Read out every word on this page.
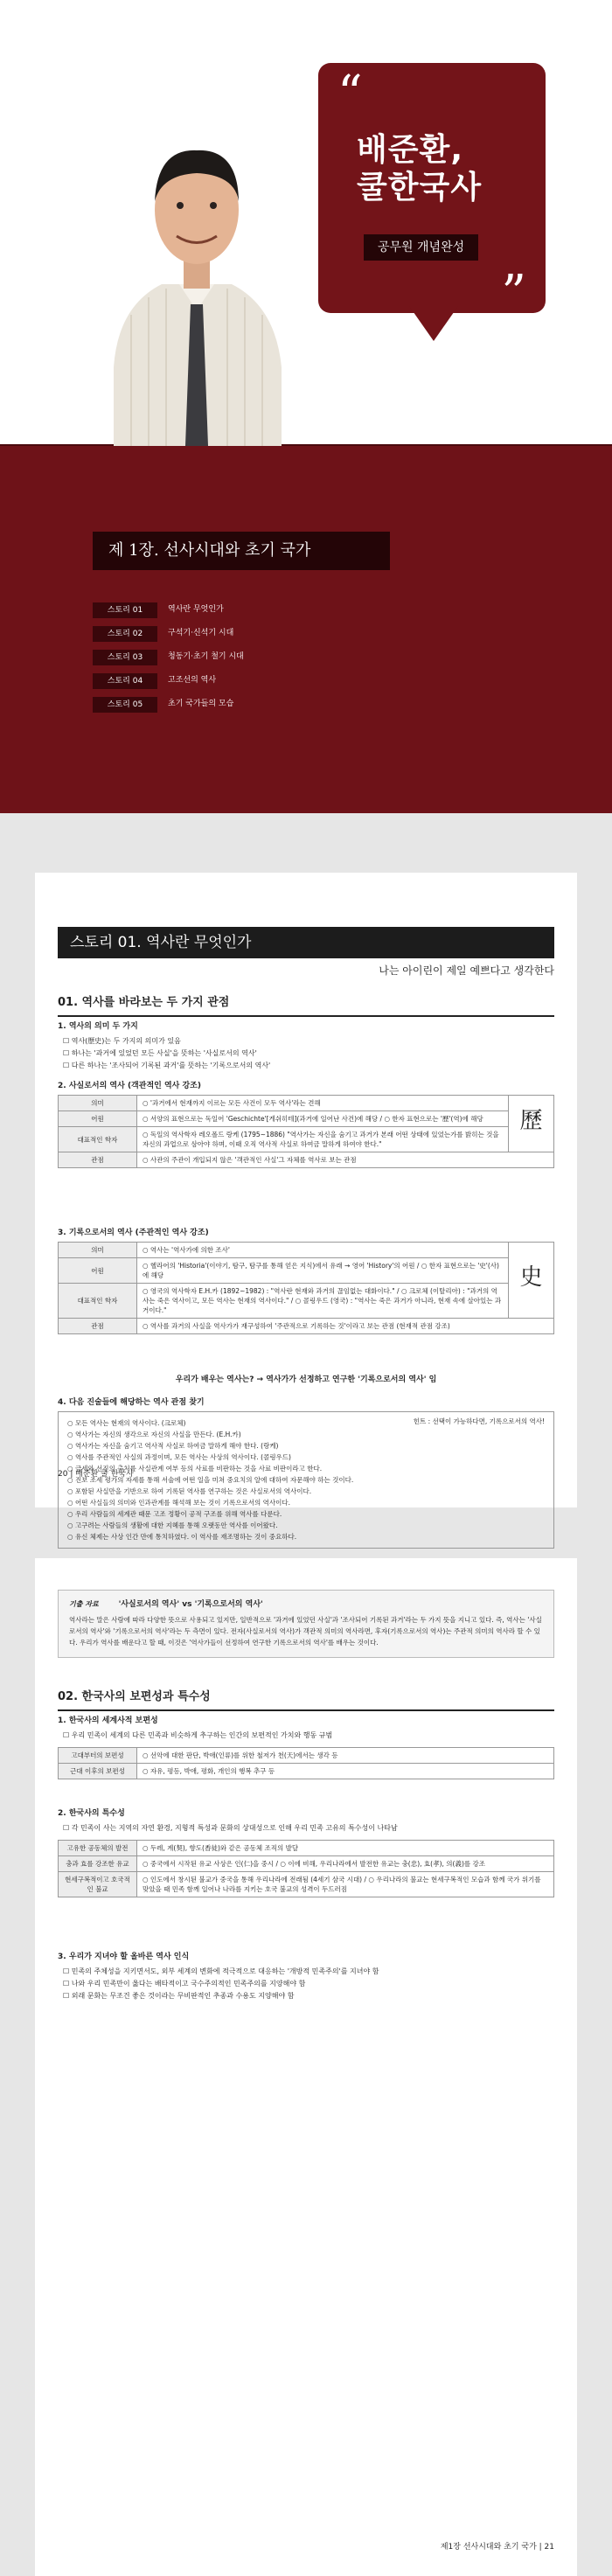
“
배준환,
쿨한국사
공무원 개념완성
”
제 1장. 선사시대와 초기 국가
스토리 01	역사란 무엇인가
스토리 02	구석기·신석기 시대
스토리 03	청동기·초기 철기 시대
스토리 04	고조선의 역사
스토리 05	초기 국가들의 모습
스토리 01. 역사란 무엇인가
나는 아이린이 제일 예쁘다고 생각한다
01. 역사를 바라보는 두 가지 관점
1. 역사의 의미 두 가지
☐ 역사(歷史)는 두 가지의 의미가 있음
☐ 하나는 '과거에 있었던 모든 사실'을 뜻하는 '사실로서의 역사'
☐ 다른 하나는 '조사되어 기록된 과거'를 뜻하는 '기록으로서의 역사'
2. 사실로서의 역사 (객관적인 역사 강조)
의미	○ '과거에서 현재까지 이르는 모든 사건이 모두 역사'라는 견해	歷
어원	○ 서양의 표현으로는 독일어 'Geschichte'[게쉬히테](과거에 일어난 사건)에 해당 / ○ 한자 표현으로는 '歷'(역)에 해당	
대표적인 학자	○ 독일의 역사학자 레오폴드 랑케 (1795~1886) "역사가는 자신을 숨기고 과거가 본래 어떤 상태에 있었는가를 밝히는 것을 자신의 과업으로 삼아야 하며, 이때 오직 역사적 사실로 하여금 말하게 하여야 한다."	
관점	○ 사관의 주관이 개입되지 않은 '객관적인 사실'그 자체를 역사로 보는 관점	
3. 기록으로서의 역사 (주관적인 역사 강조)
의미	○ 역사는 '역사가에 의한 조사'	史
어원	○ 헬라어의 'Historia'(이야기, 탐구, 탐구를 통해 얻은 지식)에서 유래 → 영어 'History'의 어원 / ○ 한자 표현으로는 '史'(사)에 해당	
대표적인 학자	○ 영국의 역사학자 E.H.카 (1892~1982) : "역사란 현재와 과거의 끊임없는 대화이다." / ○ 크로체 (이탈리아) : "과거의 역사는 죽은 역사이고, 모든 역사는 현재의 역사이다." / ○ 콜링우드 (영국) : "역사는 죽은 과거가 아니라, 현재 속에 살아있는 과거이다."	
관점	○ 역사를 과거의 사실을 역사가가 재구성하여 '주관적으로 기록하는 것'이라고 보는 관점 (현재적 관점 강조)	
우리가 배우는 역사는? → 역사가가 선정하고 연구한 '기록으로서의 역사' 임
4. 다음 진술들에 해당하는 역사 관점 찾기
힌트 : 선택이 가능하다면, 기록으로서의 역사!
○ 모든 역사는 현재의 역사이다. (크로체)
○ 역사가는 자신의 생각으로 자신의 사실을 만든다. (E.H.카)
○ 역사가는 자신을 숨기고 역사적 사실로 하여금 말하게 해야 한다. (랑케)
○ 역사를 주관적인 사실의 과정이며, 모든 역사는 사상의 역사이다. (콜링우드)
○ 금세와 선진의 출처를 사실관계 여부 등의 사료를 비판하는 것을 사료 비판이라고 한다.
○ 진보 조세 평가의 자세를 통해 서술에 어떤 일을 미쳐 중요치의 알에 대하여 자문해야 하는 것이다.
○ 포함된 사실만을 기반으로 하여 기록된 역사를 연구하는 것은 사실로서의 역사이다.
○ 어떤 사실들의 의미와 인과관계를 해석해 보는 것이 기록으로서의 역사이다.
○ 우리 사람들의 세계관 때문 고조 정황이 공적 구조를 위해 역사를 다룬다.
○ 고구려는 사람들의 생활에 대한 지혜를 통해 오랫동안 역사를 이어왔다.
○ 유신 체제는 사상 인간 만에 통치하였다. 이 역사를 재조명하는 것이 중요하다.
기출 자료	'사실로서의 역사' vs '기록으로서의 역사'

역사라는 말은 사람에 따라 다양한 뜻으로 사용되고 있지만, 일반적으로 '과거에 있었던 사실'과 '조사되어 기록된 과거'라는 두 가지 뜻을 지니고 있다. 즉, 역사는 '사실로서의 역사'와 '기록으로서의 역사'라는 두 측면이 있다. 전자(사실로서의 역사)가 객관적 의미의 역사라면, 후자(기록으로서의 역사)는 주관적 의미의 역사라 할 수 있다. 우리가 역사를 배운다고 할 때, 이것은 '역사가들이 선정하여 연구한 기록으로서의 역사'를 배우는 것이다.

02. 한국사의 보편성과 특수성
1. 한국사의 세계사적 보편성
☐ 우리 민족이 세계의 다른 민족과 비슷하게 추구하는 인간의 보편적인 가치와 행동 규범
고대부터의 보편성	○ 선악에 대한 판단, 박애(인류)를 위한 철저가 천(天)에서는 생각 등
근대 이후의 보편성	○ 자유, 평등, 박애, 평화, 개인의 행복 추구 등
2. 한국사의 특수성
☐ 각 민족이 사는 지역의 자연 환경, 지형적 특성과 문화의 상대성으로 인해 우리 민족 고유의 특수성이 나타남
고유한 공동체의 발전	○ 두레, 계(契), 향도(香徒)와 같은 공동체 조직의 발달
충과 효를 강조한 유교	○ 중국에서 시작된 유교 사상은 인(仁)을 중시 / ○ 이에 비해, 우리나라에서 발전한 유교는 충(忠), 효(孝), 의(義)를 강조
현세구복적이고 호국적인 불교	○ 인도에서 창시된 불교가 중국을 통해 우리나라에 전래됨 (4세기 삼국 시대) / ○ 우리나라의 불교는 현세구복적인 모습과 함께 국가 위기를 맞았을 때 민족 함께 일어나 나라를 지키는 호국 불교의 성격이 두드러짐
3. 우리가 지녀야 할 올바른 역사 인식
☐ 민족의 주체성을 지키면서도, 외부 세계의 변화에 적극적으로 대응하는 '개방적 민족주의'를 지녀야 함
☐ 나와 우리 민족만이 옳다는 배타적이고 국수주의적인 민족주의를 지양해야 함
☐ 외래 문화는 무조건 좋은 것이라는 무비판적인 추종과 수용도 지양해야 함
제1장 선사시대와 초기 국가 | 21
20 | 배준환 쿨 한국사
